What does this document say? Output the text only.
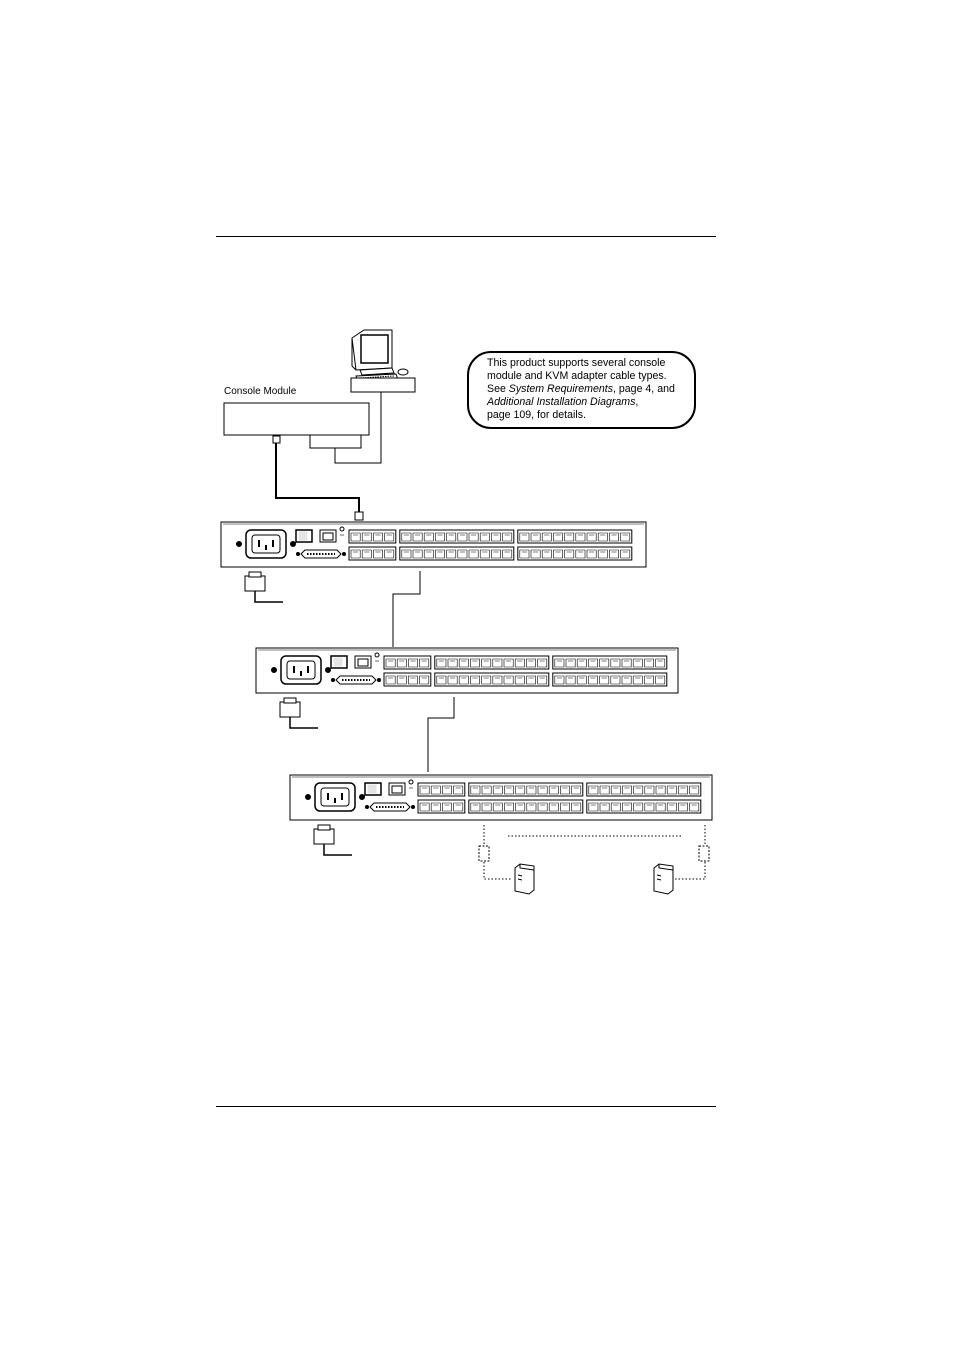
Console Module
This product supports several console
module and KVM adapter cable types.
See System Requirements, page 4, and
Additional Installation Diagrams,
page 109, for details.
